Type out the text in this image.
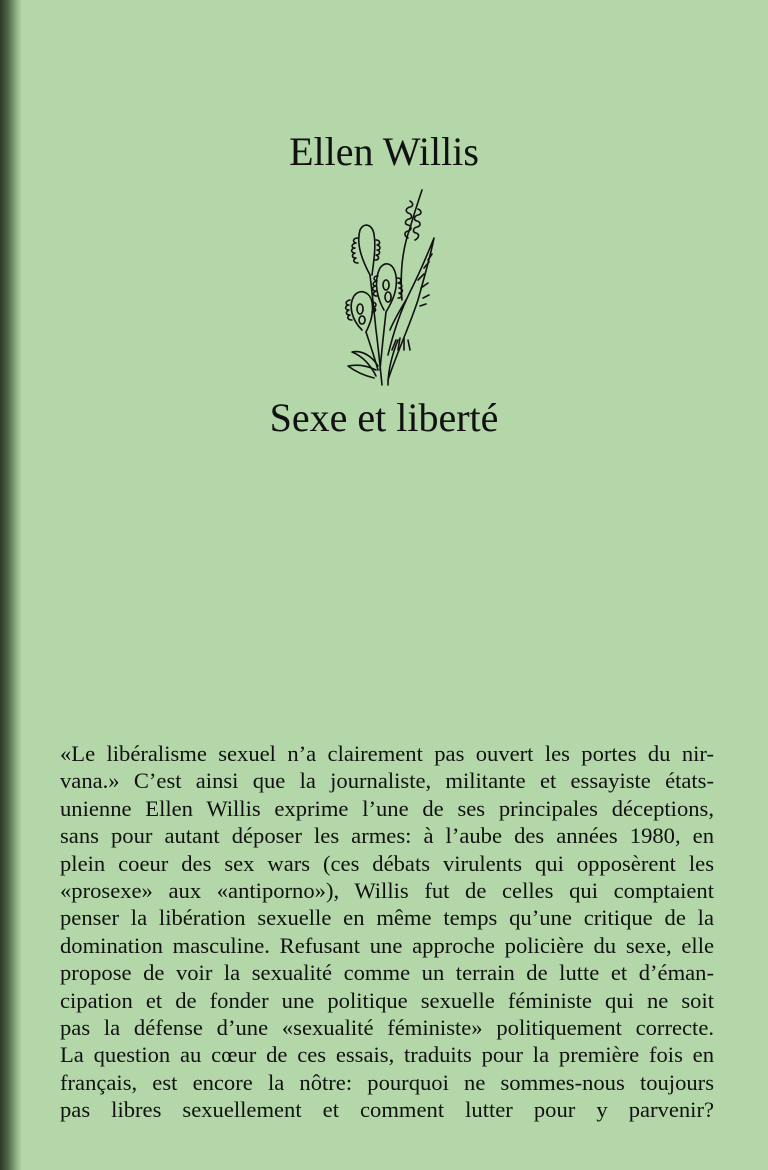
Ellen Willis
Sexe et liberté
«Le libéralisme sexuel n’a clairement pas ouvert les portes du nir-
vana.» C’est ainsi que la journaliste, militante et essayiste états-
unienne Ellen Willis exprime l’une de ses principales déceptions,
sans pour autant déposer les armes: à l’aube des années 1980, en
plein coeur des sex wars (ces débats virulents qui opposèrent les
«prosexe» aux «antiporno»), Willis fut de celles qui comptaient
penser la libération sexuelle en même temps qu’une critique de la
domination masculine. Refusant une approche policière du sexe, elle
propose de voir la sexualité comme un terrain de lutte et d’éman-
cipation et de fonder une politique sexuelle féministe qui ne soit
pas la défense d’une «sexualité féministe» politiquement correcte.
La question au cœur de ces essais, traduits pour la première fois en
français, est encore la nôtre: pourquoi ne sommes-nous toujours
pas libres sexuellement et comment lutter pour y parvenir?
